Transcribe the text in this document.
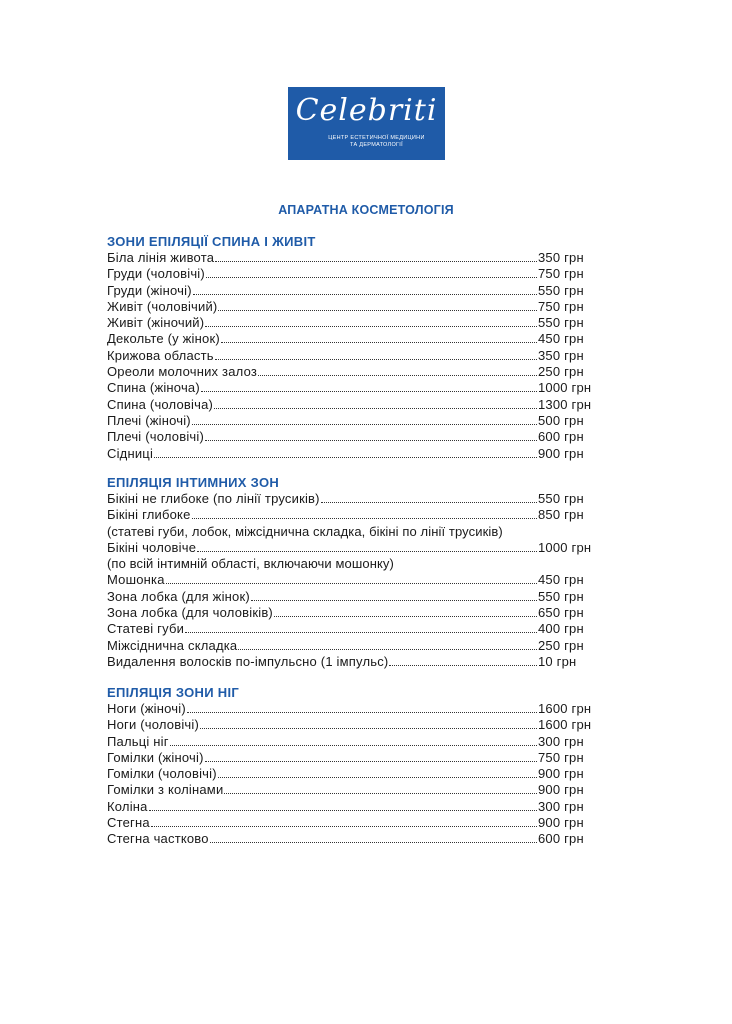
Celebriti
ЦЕНТР ЕСТЕТИЧНОЇ МЕДИЦИНИ
ТА ДЕРМАТОЛОГІЇ
АПАРАТНА КОСМЕТОЛОГІЯ
ЗОНИ ЕПІЛЯЦІЇ СПИНА І ЖИВІТ
Біла лінія живота	350 грн
Груди (чоловічі)	750 грн
Груди (жіночі)	550 грн
Живіт (чоловічий)	750 грн
Живіт (жіночий)	550 грн
Декольте (у жінок)	450 грн
Крижова область	350 грн
Ореоли молочних залоз	250 грн
Спина (жіноча)	1000 грн
Спина (чоловіча)	1300 грн
Плечі (жіночі)	500 грн
Плечі (чоловічі)	600 грн
Сідниці	900 грн
ЕПІЛЯЦІЯ ІНТИМНИХ ЗОН
Бікіні не глибоке (по лінії трусиків)	550 грн
Бікіні глибоке	850 грн
(статеві губи, лобок, міжсіднична складка, бікіні по лінії трусиків)
Бікіні чоловіче	1000 грн
(по всій інтимній області, включаючи мошонку)
Мошонка	450 грн
Зона лобка (для жінок)	550 грн
Зона лобка (для чоловіків)	650 грн
Статеві губи	400 грн
Міжсіднична складка	250 грн
Видалення волосків по-імпульсно (1 імпульс)	10 грн
ЕПІЛЯЦІЯ ЗОНИ НІГ
Ноги (жіночі)	1600 грн
Ноги (чоловічі)	1600 грн
Пальці ніг	300 грн
Гомілки (жіночі)	750 грн
Гомілки (чоловічі)	900 грн
Гомілки з колінами	900 грн
Коліна	300 грн
Стегна	900 грн
Стегна частково	600 грн
